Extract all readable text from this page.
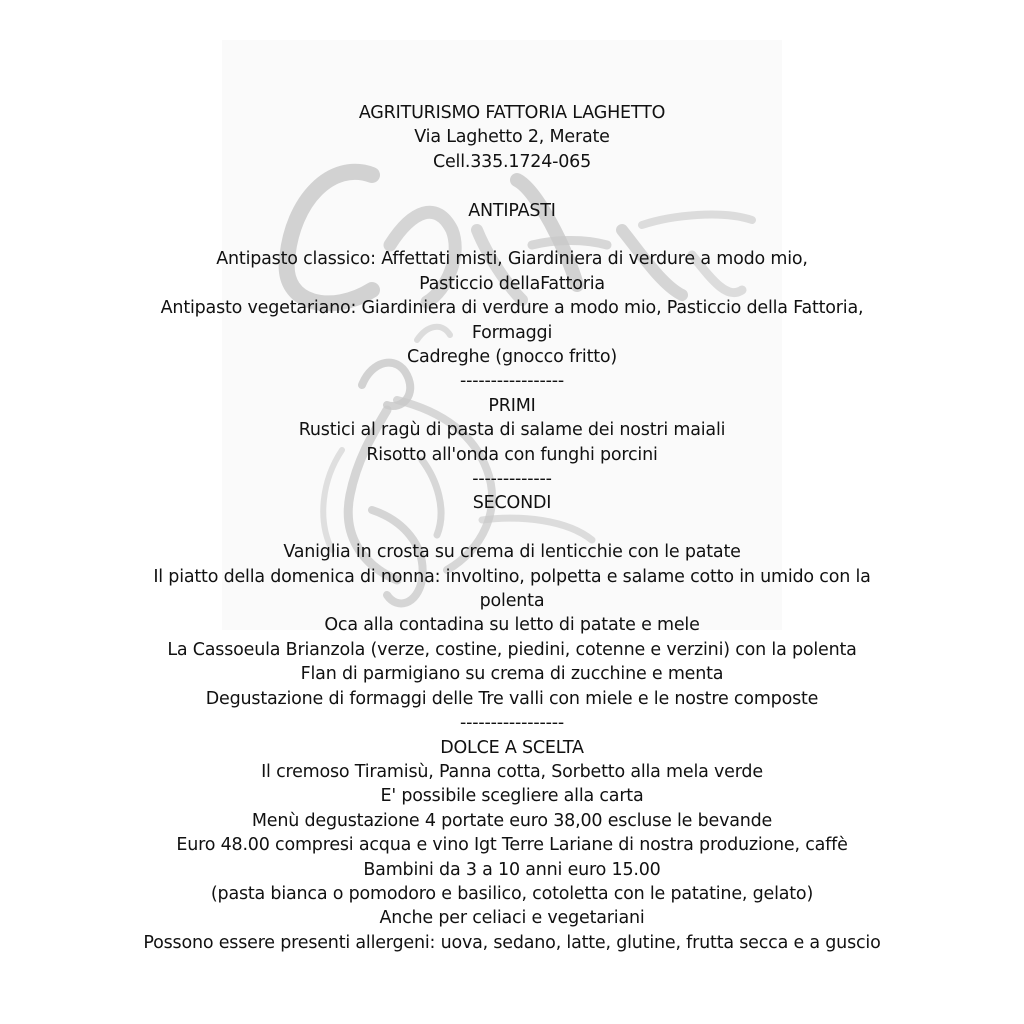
AGRITURISMO FATTORIA LAGHETTO
Via Laghetto 2, Merate
Cell.335.1724-065
ANTIPASTI
Antipasto classico: Affettati misti, Giardiniera di verdure a modo mio,
Pasticcio dellaFattoria
Antipasto vegetariano: Giardiniera di verdure a modo mio, Pasticcio della Fattoria,
Formaggi
Cadreghe (gnocco fritto)
-----------------
PRIMI
Rustici al ragù di pasta di salame dei nostri maiali
Risotto all'onda con funghi porcini
-------------
SECONDI
Vaniglia in crosta su crema di lenticchie con le patate
Il piatto della domenica di nonna: involtino, polpetta e salame cotto in umido con la
polenta
Oca alla contadina su letto di patate e mele
La Cassoeula Brianzola (verze, costine, piedini, cotenne e verzini) con la polenta
Flan di parmigiano su crema di zucchine e menta
Degustazione di formaggi delle Tre valli con miele e le nostre composte
-----------------
DOLCE A SCELTA
Il cremoso Tiramisù, Panna cotta, Sorbetto alla mela verde
E' possibile scegliere alla carta
Menù degustazione 4 portate euro 38,00 escluse le bevande
Euro 48.00 compresi acqua e vino Igt Terre Lariane di nostra produzione, caffè
Bambini da 3 a 10 anni euro 15.00
(pasta bianca o pomodoro e basilico, cotoletta con le patatine, gelato)
Anche per celiaci e vegetariani
Possono essere presenti allergeni: uova, sedano, latte, glutine, frutta secca e a guscio
